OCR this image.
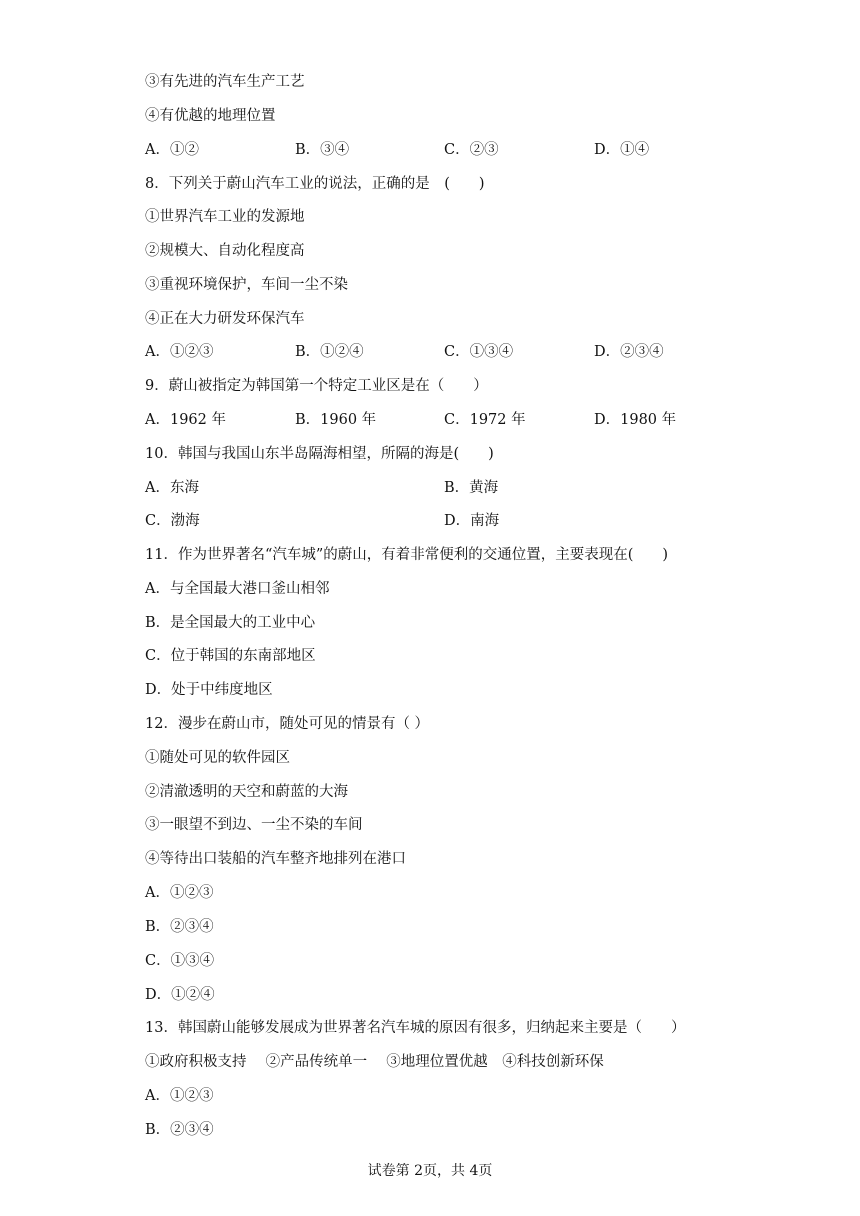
③有先进的汽车生产工艺
④有优越的地理位置
A．①②	B．③④	C．②③	D．①④
8．下列关于蔚山汽车工业的说法，正确的是　(　　)
①世界汽车工业的发源地
②规模大、自动化程度高
③重视环境保护，车间一尘不染
④正在大力研发环保汽车
A．①②③	B．①②④	C．①③④	D．②③④
9．蔚山被指定为韩国第一个特定工业区是在（　　）
A．1962 年	B．1960 年	C．1972 年	D．1980 年
10．韩国与我国山东半岛隔海相望，所隔的海是(　　)
A．东海	B．黄海
C．渤海	D．南海
11．作为世界著名“汽车城”的蔚山，有着非常便利的交通位置，主要表现在(　　)
A．与全国最大港口釜山相邻
B．是全国最大的工业中心
C．位于韩国的东南部地区
D．处于中纬度地区
12．漫步在蔚山市，随处可见的情景有（ ）
①随处可见的软件园区
②清澈透明的天空和蔚蓝的大海
③一眼望不到边、一尘不染的车间
④等待出口装船的汽车整齐地排列在港口
A．①②③
B．②③④
C．①③④
D．①②④
13．韩国蔚山能够发展成为世界著名汽车城的原因有很多，归纳起来主要是（　　）
①政府积极支持　 ②产品传统单一　 ③地理位置优越　④科技创新环保
A．①②③
B．②③④
试卷第 2页，共 4页
